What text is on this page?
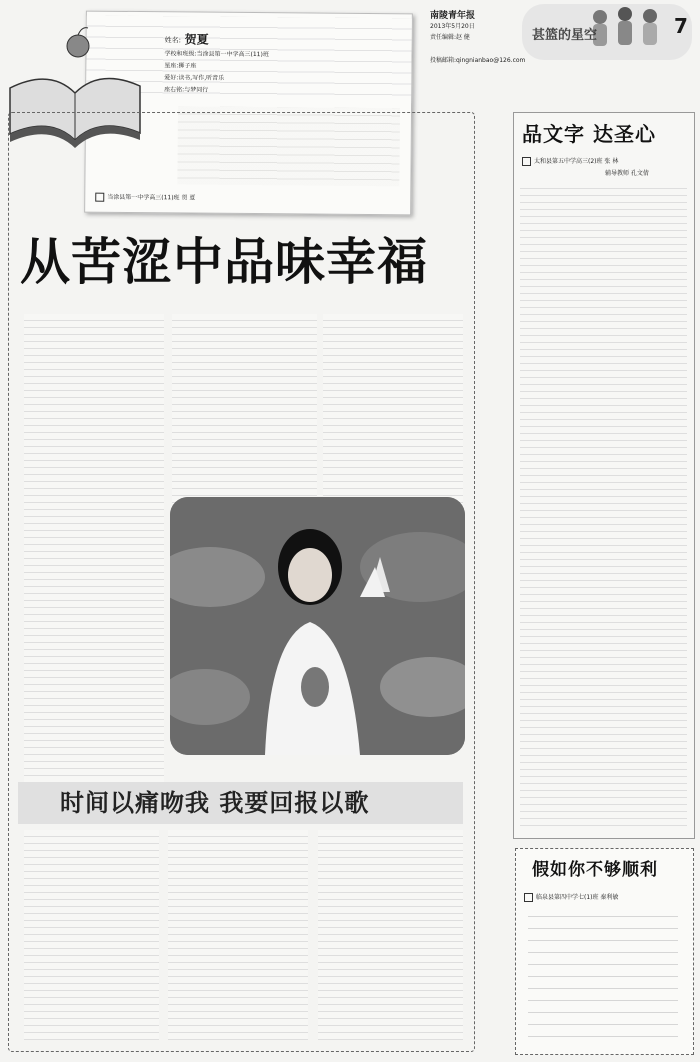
南陵青年报
2013年5月20日
责任编辑:赵 健
投稿邮箱:qingnianbao@126.com
甚篮的星空	7
姓名: 贺夏
学校和班级:当涂县第一中学高三(11)班
星座:狮子座
爱好:读书,写作,听音乐
座右铭:与梦同行
当涂县第一中学高三(11)班 贺 夏
从苦涩中品味幸福
时间以痛吻我 我要回报以歌
品文字 达圣心
太和县第五中学高三(2)班 张 林
辅导教师 孔文倩
假如你不够顺利
临泉县第四中学七(1)班 秦利敏
